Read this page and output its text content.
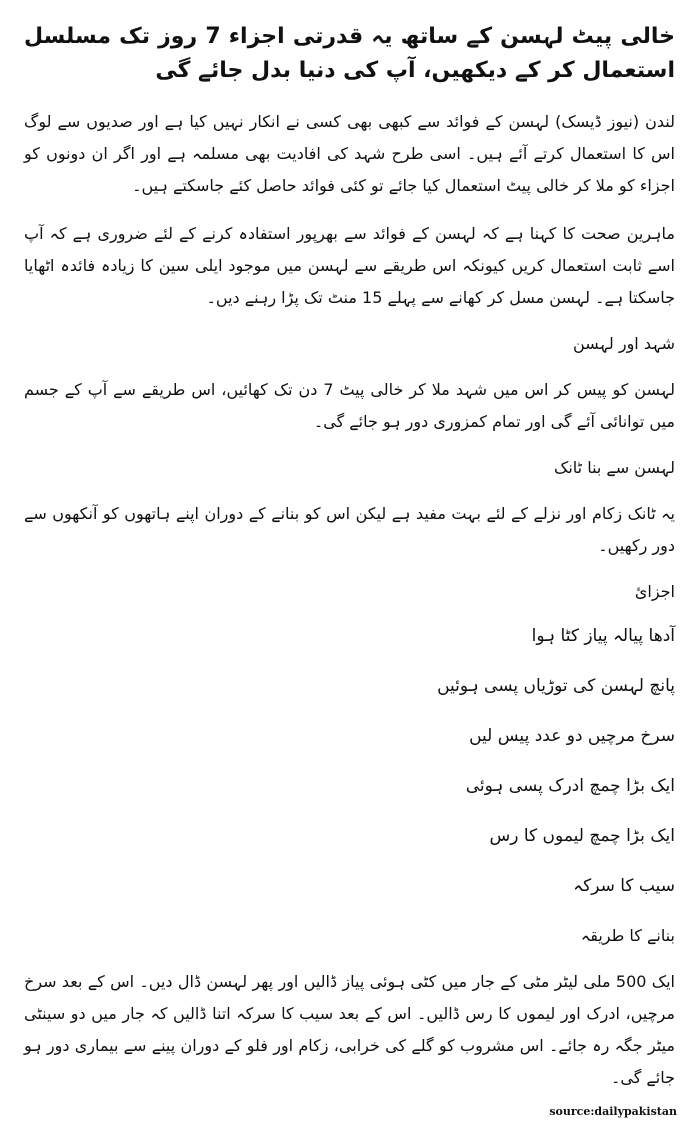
خالی پیٹ لہسن کے ساتھ یہ قدرتی اجزاء 7 روز تک مسلسل استعمال کر کے دیکھیں، آپ کی دنیا بدل جائے گی

لندن (نیوز ڈیسک) لہسن کے فوائد سے کبھی بھی کسی نے انکار نہیں کیا ہے اور صدیوں سے لوگ اس کا استعمال کرتے آئے ہیں۔ اسی طرح شہد کی افادیت بھی مسلمہ ہے اور اگر ان دونوں کو اجزاء کو ملا کر خالی پیٹ استعمال کیا جائے تو کئی فوائد حاصل کئے جاسکتے ہیں۔

ماہرین صحت کا کہنا ہے کہ لہسن کے فوائد سے بھرپور استفادہ کرنے کے لئے ضروری ہے کہ آپ اسے ثابت استعمال کریں کیونکہ اس طریقے سے لہسن میں موجود ایلی سین کا زیادہ فائدہ اٹھایا جاسکتا ہے۔ لہسن مسل کر کھانے سے پہلے 15 منٹ تک پڑا رہنے دیں۔

شہد اور لہسن

لہسن کو پیس کر اس میں شہد ملا کر خالی پیٹ 7 دن تک کھائیں، اس طریقے سے آپ کے جسم میں توانائی آئے گی اور تمام کمزوری دور ہو جائے گی۔

لہسن سے بنا ٹانک

یہ ٹانک زکام اور نزلے کے لئے بہت مفید ہے لیکن اس کو بنانے کے دوران اپنے ہاتھوں کو آنکھوں سے دور رکھیں۔

اجزائ
آدھا پیالہ پیاز کٹا ہوا
پانچ لہسن کی توڑیاں پسی ہوئیں
سرخ مرچیں دو عدد پیس لیں
ایک بڑا چمچ ادرک پسی ہوئی
ایک بڑا چمچ لیموں کا رس
سیب کا سرکہ
بنانے کا طریقہ

ایک 500 ملی لیٹر مٹی کے جار میں کٹی ہوئی پیاز ڈالیں اور پھر لہسن ڈال دیں۔ اس کے بعد سرخ مرچیں، ادرک اور لیموں کا رس ڈالیں۔ اس کے بعد سیب کا سرکہ اتنا ڈالیں کہ جار میں دو سینٹی میٹر جگہ رہ جائے۔ اس مشروب کو گلے کی خرابی، زکام اور فلو کے دوران پینے سے بیماری دور ہو جائے گی۔

source:dailypakistan
